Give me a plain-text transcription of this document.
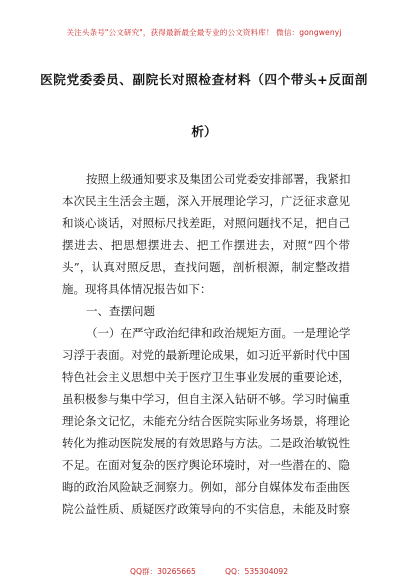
关注头条号"公文研究"，获得最新最全最专业的公文资料库！ 微信：gongwenyj
医院党委委员、副院长对照检查材料（四个带头+反面剖
析）
按照上级通知要求及集团公司党委安排部署，我紧扣
本次民主生活会主题，深入开展理论学习，广泛征求意见
和谈心谈话，对照标尺找差距，对照问题找不足，把自己
摆进去、把思想摆进去、把工作摆进去，对照“四个带
头”，认真对照反思，查找问题，剖析根源，制定整改措
施。现将具体情况报告如下：
一、查摆问题
（一）在严守政治纪律和政治规矩方面。一是理论学
习浮于表面。对党的最新理论成果，如习近平新时代中国
特色社会主义思想中关于医疗卫生事业发展的重要论述，
虽积极参与集中学习，但自主深入钻研不够。学习时偏重
理论条文记忆，未能充分结合医院实际业务场景，将理论
转化为推动医院发展的有效思路与方法。二是政治敏锐性
不足。在面对复杂的医疗舆论环境时，对一些潜在的、隐
晦的政治风险缺乏洞察力。例如，部分自媒体发布歪曲医
院公益性质、质疑医疗政策导向的不实信息，未能及时察
QQ群：30265665	QQ：535304092
